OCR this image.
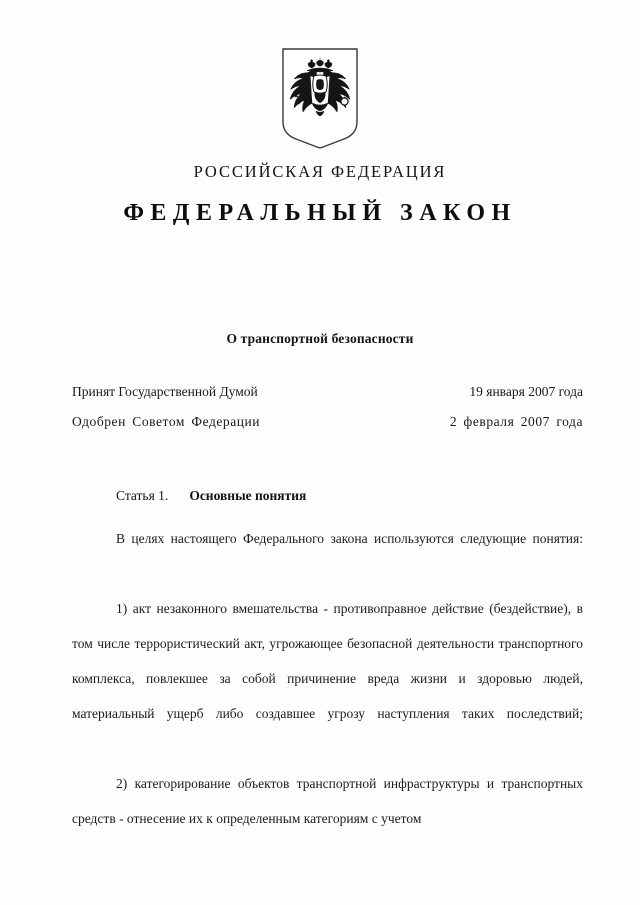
РОССИЙСКАЯ ФЕДЕРАЦИЯ
ФЕДЕРАЛЬНЫЙ ЗАКОН
О транспортной безопасности
Принят Государственной Думой	19 января 2007 года
Одобрен Советом Федерации	2 февраля 2007 года
Статья 1. Основные понятия

В целях настоящего Федерального закона используются следующие понятия:

1) акт незаконного вмешательства - противоправное действие (бездействие), в том числе террористический акт, угрожающее безопасной деятельности транспортного комплекса, повлекшее за собой причинение вреда жизни и здоровью людей, материальный ущерб либо создавшее угрозу наступления таких последствий;

2) категорирование объектов транспортной инфраструктуры и транспортных средств - отнесение их к определенным категориям с учетом
